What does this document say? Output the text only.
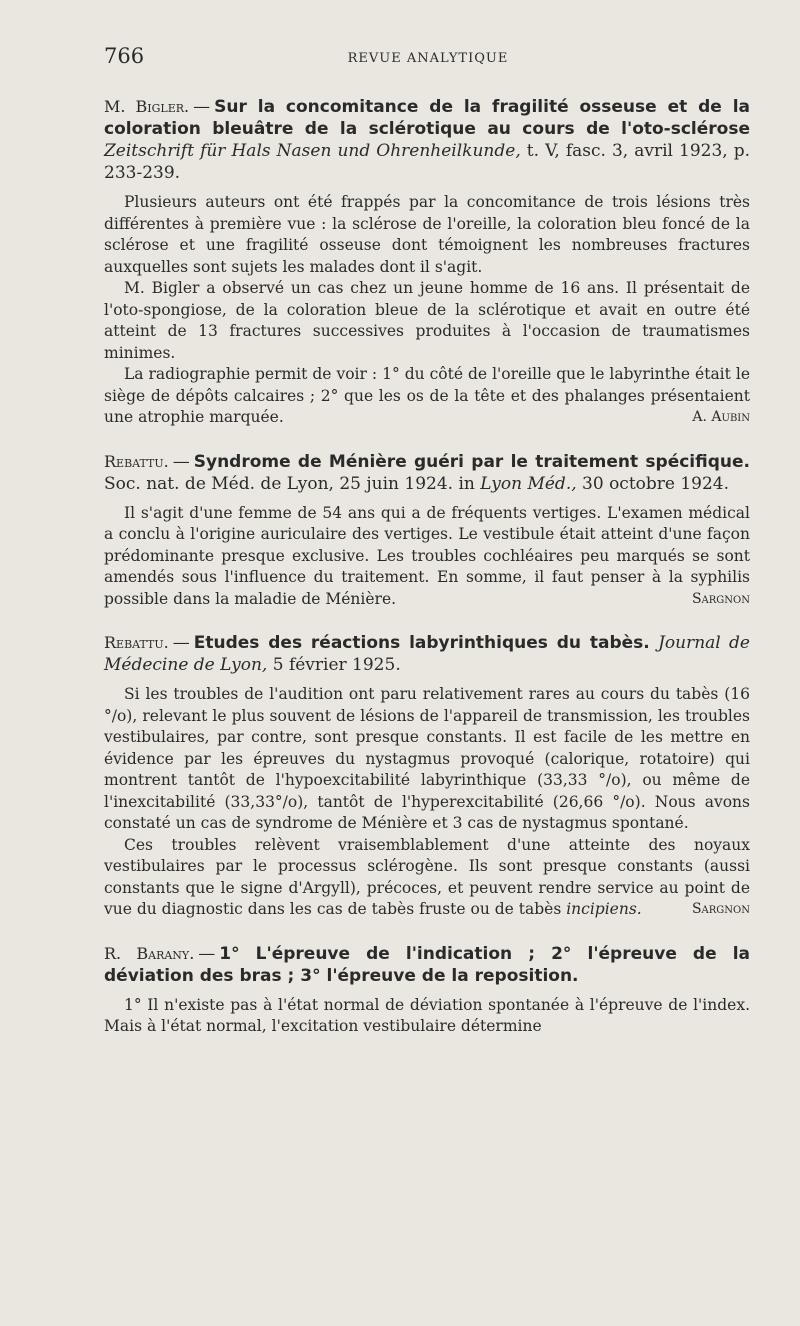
766	REVUE ANALYTIQUE

M. Bigler. — Sur la concomitance de la fragilité osseuse et de la coloration bleuâtre de la sclérotique au cours de l'oto-sclérose Zeitschrift für Hals Nasen und Ohrenheilkunde, t. V, fasc. 3, avril 1923, p. 233-239.

Plusieurs auteurs ont été frappés par la concomitance de trois lésions très différentes à première vue : la sclérose de l'oreille, la coloration bleu foncé de la sclérose et une fragilité osseuse dont témoignent les nombreuses fractures auxquelles sont sujets les malades dont il s'agit.

M. Bigler a observé un cas chez un jeune homme de 16 ans. Il présentait de l'oto-spongiose, de la coloration bleue de la sclérotique et avait en outre été atteint de 13 fractures successives produites à l'occasion de traumatismes minimes.

La radiographie permit de voir : 1° du côté de l'oreille que le labyrinthe était le siège de dépôts calcaires ; 2° que les os de la tête et des phalanges présentaient une atrophie marquée.	A. Aubin

Rebattu. — Syndrome de Ménière guéri par le traitement spécifique. Soc. nat. de Méd. de Lyon, 25 juin 1924. in Lyon Méd., 30 octobre 1924.

Il s'agit d'une femme de 54 ans qui a de fréquents vertiges. L'examen médical a conclu à l'origine auriculaire des vertiges. Le vestibule était atteint d'une façon prédominante presque exclusive. Les troubles cochléaires peu marqués se sont amendés sous l'influence du traitement. En somme, il faut penser à la syphilis possible dans la maladie de Ménière.	Sargnon

Rebattu. — Etudes des réactions labyrinthiques du tabès. Journal de Médecine de Lyon, 5 février 1925.

Si les troubles de l'audition ont paru relativement rares au cours du tabès (16 °/o), relevant le plus souvent de lésions de l'appareil de transmission, les troubles vestibulaires, par contre, sont presque constants. Il est facile de les mettre en évidence par les épreuves du nystagmus provoqué (calorique, rotatoire) qui montrent tantôt de l'hypoexcitabilité labyrinthique (33,33 °/o), ou même de l'inexcitabilité (33,33°/o), tantôt de l'hyperexcitabilité (26,66 °/o). Nous avons constaté un cas de syndrome de Ménière et 3 cas de nystagmus spontané.

Ces troubles relèvent vraisemblablement d'une atteinte des noyaux vestibulaires par le processus sclérogène. Ils sont presque constants (aussi constants que le signe d'Argyll), précoces, et peuvent rendre service au point de vue du diagnostic dans les cas de tabès fruste ou de tabès incipiens.	Sargnon

R. Barany. — 1° L'épreuve de l'indication ; 2° l'épreuve de la déviation des bras ; 3° l'épreuve de la reposition.

1° Il n'existe pas à l'état normal de déviation spontanée à l'épreuve de l'index. Mais à l'état normal, l'excitation vestibulaire détermine
